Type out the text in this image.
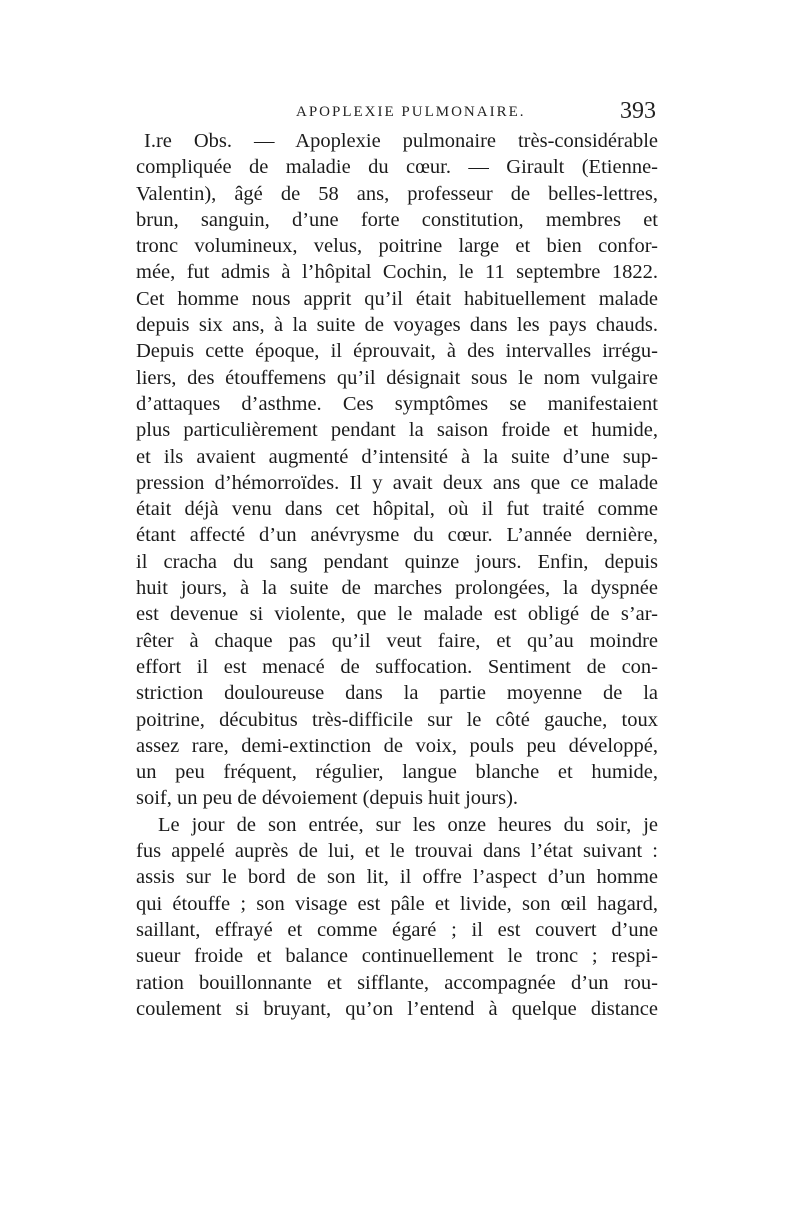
APOPLEXIE PULMONAIRE.	393
I.re Obs. — Apoplexie pulmonaire très-considérable
compliquée de maladie du cœur. — Girault (Etienne-
Valentin), âgé de 58 ans, professeur de belles-lettres,
brun, sanguin, d’une forte constitution, membres et
tronc volumineux, velus, poitrine large et bien confor-
mée, fut admis à l’hôpital Cochin, le 11 septembre 1822.
Cet homme nous apprit qu’il était habituellement malade
depuis six ans, à la suite de voyages dans les pays chauds.
Depuis cette époque, il éprouvait, à des intervalles irrégu-
liers, des étouffemens qu’il désignait sous le nom vulgaire
d’attaques d’asthme. Ces symptômes se manifestaient
plus particulièrement pendant la saison froide et humide,
et ils avaient augmenté d’intensité à la suite d’une sup-
pression d’hémorroïdes. Il y avait deux ans que ce malade
était déjà venu dans cet hôpital, où il fut traité comme
étant affecté d’un anévrysme du cœur. L’année dernière,
il cracha du sang pendant quinze jours. Enfin, depuis
huit jours, à la suite de marches prolongées, la dyspnée
est devenue si violente, que le malade est obligé de s’ar-
rêter à chaque pas qu’il veut faire, et qu’au moindre
effort il est menacé de suffocation. Sentiment de con-
striction douloureuse dans la partie moyenne de la
poitrine, décubitus très-difficile sur le côté gauche, toux
assez rare, demi-extinction de voix, pouls peu développé,
un peu fréquent, régulier, langue blanche et humide,
soif, un peu de dévoiement (depuis huit jours).
Le jour de son entrée, sur les onze heures du soir, je
fus appelé auprès de lui, et le trouvai dans l’état suivant :
assis sur le bord de son lit, il offre l’aspect d’un homme
qui étouffe ; son visage est pâle et livide, son œil hagard,
saillant, effrayé et comme égaré ; il est couvert d’une
sueur froide et balance continuellement le tronc ; respi-
ration bouillonnante et sifflante, accompagnée d’un rou-
coulement si bruyant, qu’on l’entend à quelque distance
